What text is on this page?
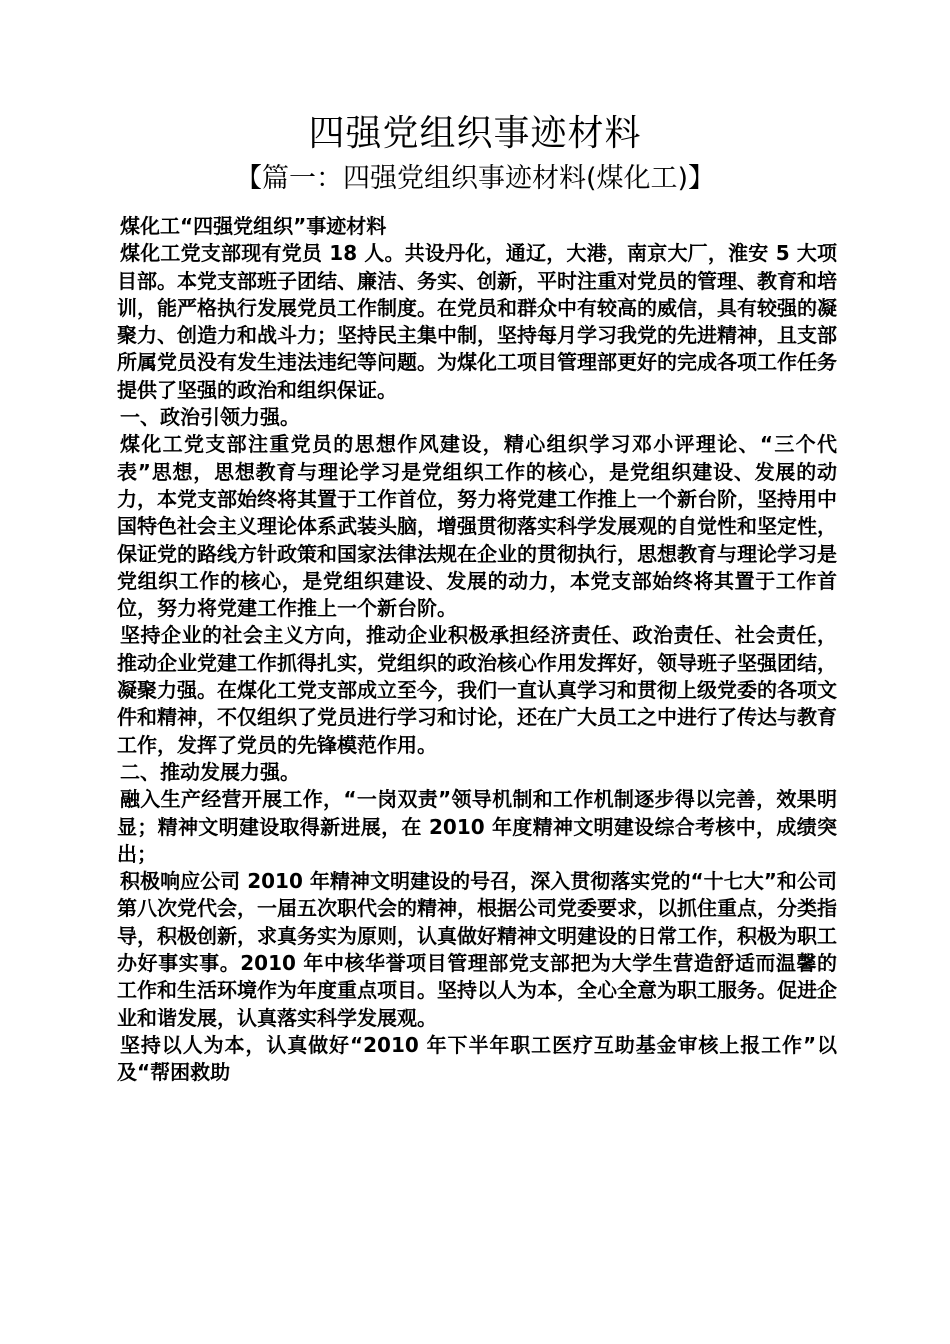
四强党组织事迹材料
【篇一：四强党组织事迹材料(煤化工)】

煤化工“四强党组织”事迹材料

煤化工党支部现有党员 18 人。共设丹化，通辽，大港，南京大厂，淮安 5 大项目部。本党支部班子团结、廉洁、务实、创新，平时注重对党员的管理、教育和培训，能严格执行发展党员工作制度。在党员和群众中有较高的威信，具有较强的凝聚力、创造力和战斗力；坚持民主集中制，坚持每月学习我党的先进精神，且支部所属党员没有发生违法违纪等问题。为煤化工项目管理部更好的完成各项工作任务提供了坚强的政治和组织保证。

一、政治引领力强。

煤化工党支部注重党员的思想作风建设，精心组织学习邓小评理论、“三个代表”思想，思想教育与理论学习是党组织工作的核心，是党组织建设、发展的动力，本党支部始终将其置于工作首位，努力将党建工作推上一个新台阶，坚持用中国特色社会主义理论体系武装头脑，增强贯彻落实科学发展观的自觉性和坚定性，保证党的路线方针政策和国家法律法规在企业的贯彻执行，思想教育与理论学习是党组织工作的核心，是党组织建设、发展的动力，本党支部始终将其置于工作首位，努力将党建工作推上一个新台阶。

坚持企业的社会主义方向，推动企业积极承担经济责任、政治责任、社会责任，推动企业党建工作抓得扎实，党组织的政治核心作用发挥好，领导班子坚强团结，凝聚力强。在煤化工党支部成立至今，我们一直认真学习和贯彻上级党委的各项文件和精神，不仅组织了党员进行学习和讨论，还在广大员工之中进行了传达与教育工作，发挥了党员的先锋模范作用。

二、推动发展力强。

融入生产经营开展工作，“一岗双责”领导机制和工作机制逐步得以完善，效果明显；精神文明建设取得新进展，在 2010 年度精神文明建设综合考核中，成绩突出；

积极响应公司 2010 年精神文明建设的号召，深入贯彻落实党的“十七大”和公司第八次党代会，一届五次职代会的精神，根据公司党委要求，以抓住重点，分类指导，积极创新，求真务实为原则，认真做好精神文明建设的日常工作，积极为职工办好事实事。2010 年中核华誉项目管理部党支部把为大学生营造舒适而温馨的工作和生活环境作为年度重点项目。坚持以人为本，全心全意为职工服务。促进企业和谐发展，认真落实科学发展观。

坚持以人为本，认真做好“2010 年下半年职工医疗互助基金审核上报工作”以及“帮困救助
